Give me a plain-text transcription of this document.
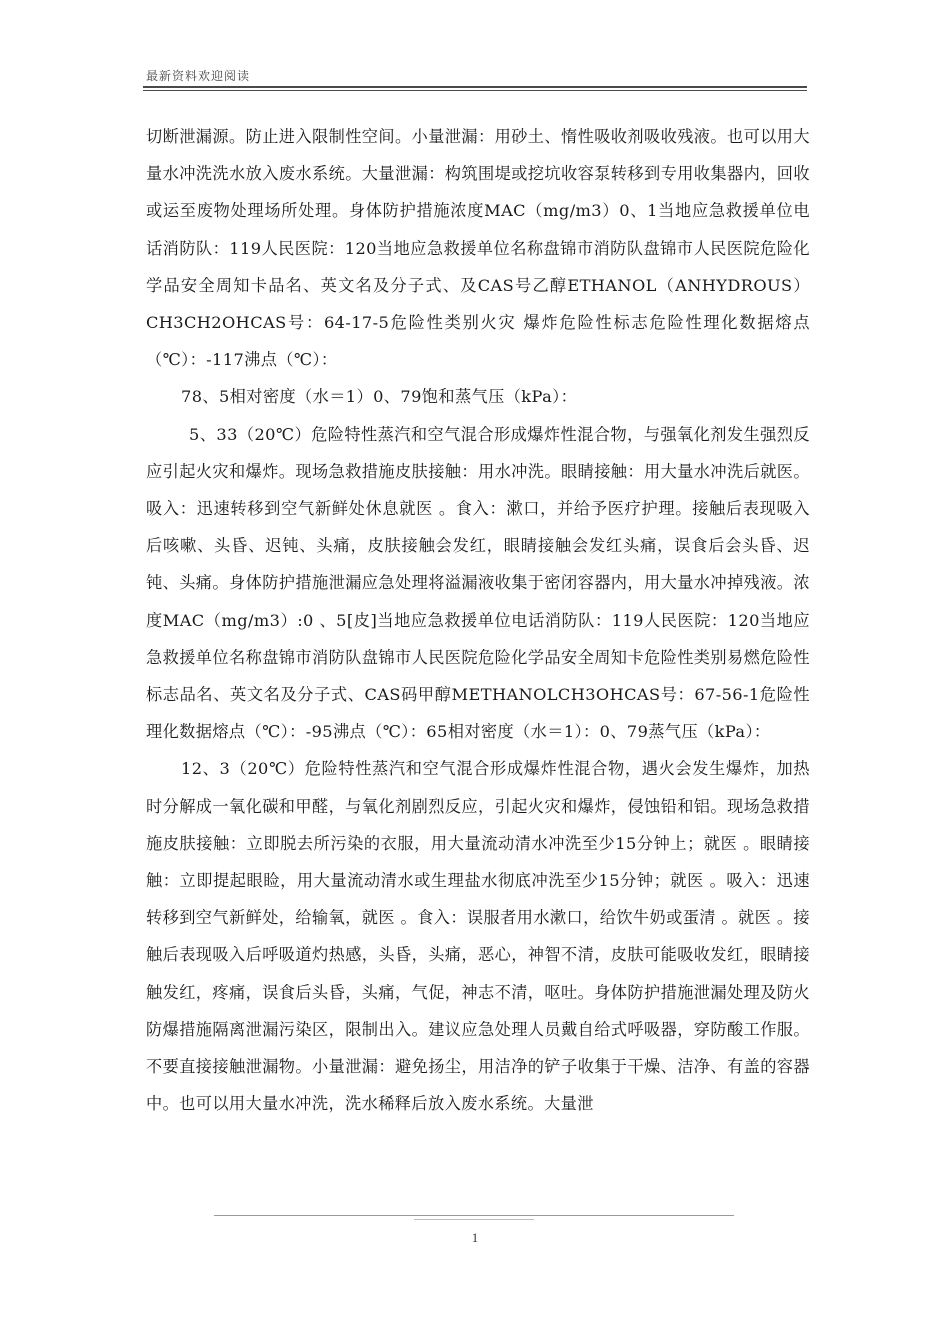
最新资料欢迎阅读

切断泄漏源。防止进入限制性空间。小量泄漏：用砂土、惰性吸收剂吸收残液。也可以用大量水冲洗洗水放入废水系统。大量泄漏：构筑围堤或挖坑收容泵转移到专用收集器内，回收或运至废物处理场所处理。身体防护措施浓度MAC（mg/m3）0、1当地应急救援单位电话消防队：119人民医院：120当地应急救援单位名称盘锦市消防队盘锦市人民医院危险化学品安全周知卡品名、英文名及分子式、及CAS号乙醇ETHANOL（ANHYDROUS）CH3CH2OHCAS号：64-17-5危险性类别火灾 爆炸危险性标志危险性理化数据熔点（℃）：-117沸点（℃）：

78、5相对密度（水＝1）0、79饱和蒸气压（kPa）：

5、33（20℃）危险特性蒸汽和空气混合形成爆炸性混合物，与强氧化剂发生强烈反应引起火灾和爆炸。现场急救措施皮肤接触：用水冲洗。眼睛接触：用大量水冲洗后就医。吸入：迅速转移到空气新鲜处休息就医 。食入：漱口，并给予医疗护理。接触后表现吸入后咳嗽、头昏、迟钝、头痛，皮肤接触会发红，眼睛接触会发红头痛，误食后会头昏、迟钝、头痛。身体防护措施泄漏应急处理将溢漏液收集于密闭容器内，用大量水冲掉残液。浓度MAC（mg/m3）:0 、5[皮]当地应急救援单位电话消防队：119人民医院：120当地应急救援单位名称盘锦市消防队盘锦市人民医院危险化学品安全周知卡危险性类别易燃危险性标志品名、英文名及分子式、CAS码甲醇METHANOLCH3OHCAS号：67-56-1危险性理化数据熔点（℃）：-95沸点（℃）：65相对密度（水＝1）：0、79蒸气压（kPa）：

12、3（20℃）危险特性蒸汽和空气混合形成爆炸性混合物，遇火会发生爆炸，加热时分解成一氧化碳和甲醛，与氧化剂剧烈反应，引起火灾和爆炸，侵蚀铅和铝。现场急救措施皮肤接触：立即脱去所污染的衣服，用大量流动清水冲洗至少15分钟上；就医 。眼睛接触：立即提起眼睑，用大量流动清水或生理盐水彻底冲洗至少15分钟；就医 。吸入：迅速转移到空气新鲜处，给输氧，就医 。食入：误服者用水漱口，给饮牛奶或蛋清 。就医 。接触后表现吸入后呼吸道灼热感，头昏，头痛，恶心，神智不清，皮肤可能吸收发红，眼睛接触发红，疼痛，误食后头昏，头痛，气促，神志不清，呕吐。身体防护措施泄漏处理及防火防爆措施隔离泄漏污染区，限制出入。建议应急处理人员戴自给式呼吸器，穿防酸工作服。不要直接接触泄漏物。小量泄漏：避免扬尘，用洁净的铲子收集于干燥、洁净、有盖的容器中。也可以用大量水冲洗，洗水稀释后放入废水系统。大量泄

1
